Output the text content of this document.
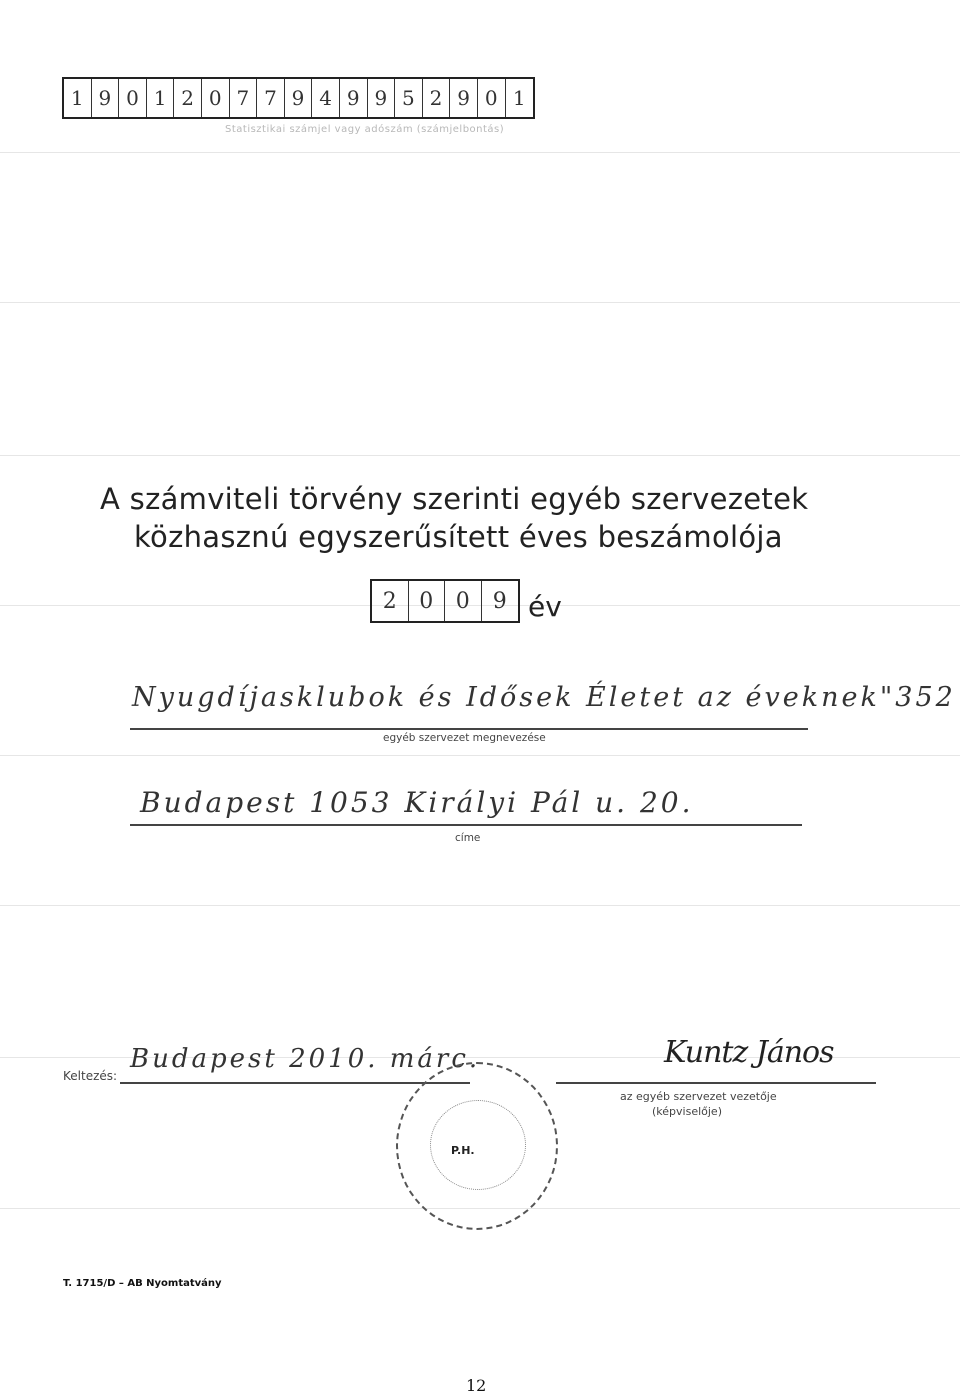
1 9 0 1 2 0 7 7 9 4 9 9 5 2 9 0 1
Statisztikai számjel vagy adószám (számjelbontás)
A számviteli törvény szerinti egyéb szervezetek
közhasznú egyszerűsített éves beszámolója
2	0	0	9 év
Nyugdíjasklubok és Idősek Életet az éveknek"352
egyéb szervezet megnevezése
Budapest 1053 Királyi Pál u. 20.
címe
Keltezés:
Budapest 2010. márc.
P.H.
Kuntz János
az egyéb szervezet vezetője
(képviselője)
T. 1715/D – AB Nyomtatvány
12
